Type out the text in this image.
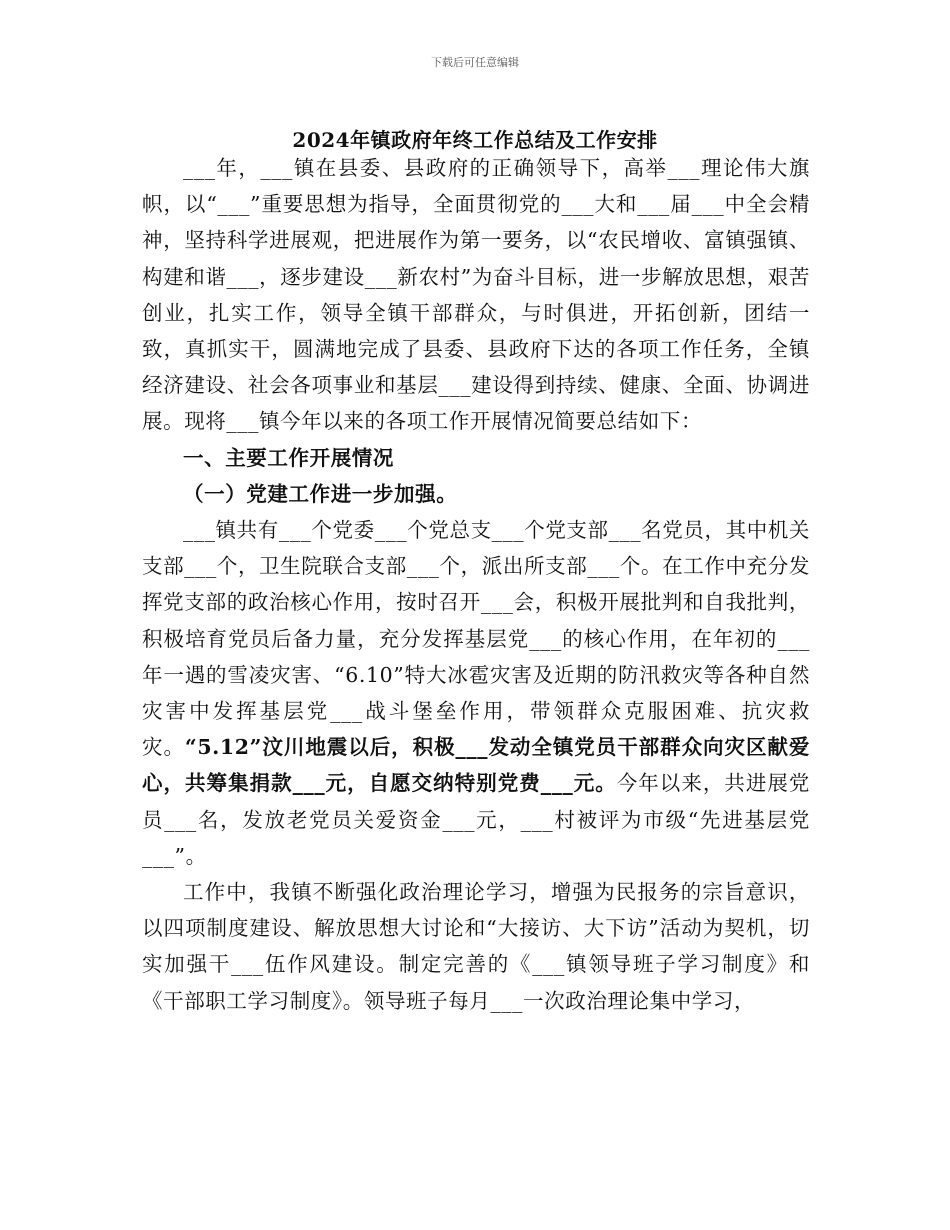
下载后可任意编辑
2024年镇政府年终工作总结及工作安排

___年，___镇在县委、县政府的正确领导下，高举___理论伟大旗帜，以“___”重要思想为指导，全面贯彻党的___大和___届___中全会精神，坚持科学进展观，把进展作为第一要务，以“农民增收、富镇强镇、构建和谐___，逐步建设___新农村”为奋斗目标，进一步解放思想，艰苦创业，扎实工作，领导全镇干部群众，与时俱进，开拓创新，团结一致，真抓实干，圆满地完成了县委、县政府下达的各项工作任务，全镇经济建设、社会各项事业和基层___建设得到持续、健康、全面、协调进展。现将___镇今年以来的各项工作开展情况简要总结如下：

一、主要工作开展情况

（一）党建工作进一步加强。

___镇共有___个党委___个党总支___个党支部___名党员，其中机关支部___个，卫生院联合支部___个，派出所支部___个。在工作中充分发挥党支部的政治核心作用，按时召开___会，积极开展批判和自我批判，积极培育党员后备力量，充分发挥基层党___的核心作用，在年初的___年一遇的雪凌灾害、“6.10”特大冰雹灾害及近期的防汛救灾等各种自然灾害中发挥基层党___战斗堡垒作用，带领群众克服困难、抗灾救灾。“5.12”汶川地震以后，积极___发动全镇党员干部群众向灾区献爱心，共筹集捐款___元，自愿交纳特别党费___元。今年以来，共进展党员___名，发放老党员关爱资金___元，___村被评为市级“先进基层党___”。

工作中，我镇不断强化政治理论学习，增强为民报务的宗旨意识，以四项制度建设、解放思想大讨论和“大接访、大下访”活动为契机，切实加强干___伍作风建设。制定完善的《___镇领导班子学习制度》和《干部职工学习制度》。领导班子每月___一次政治理论集中学习，
